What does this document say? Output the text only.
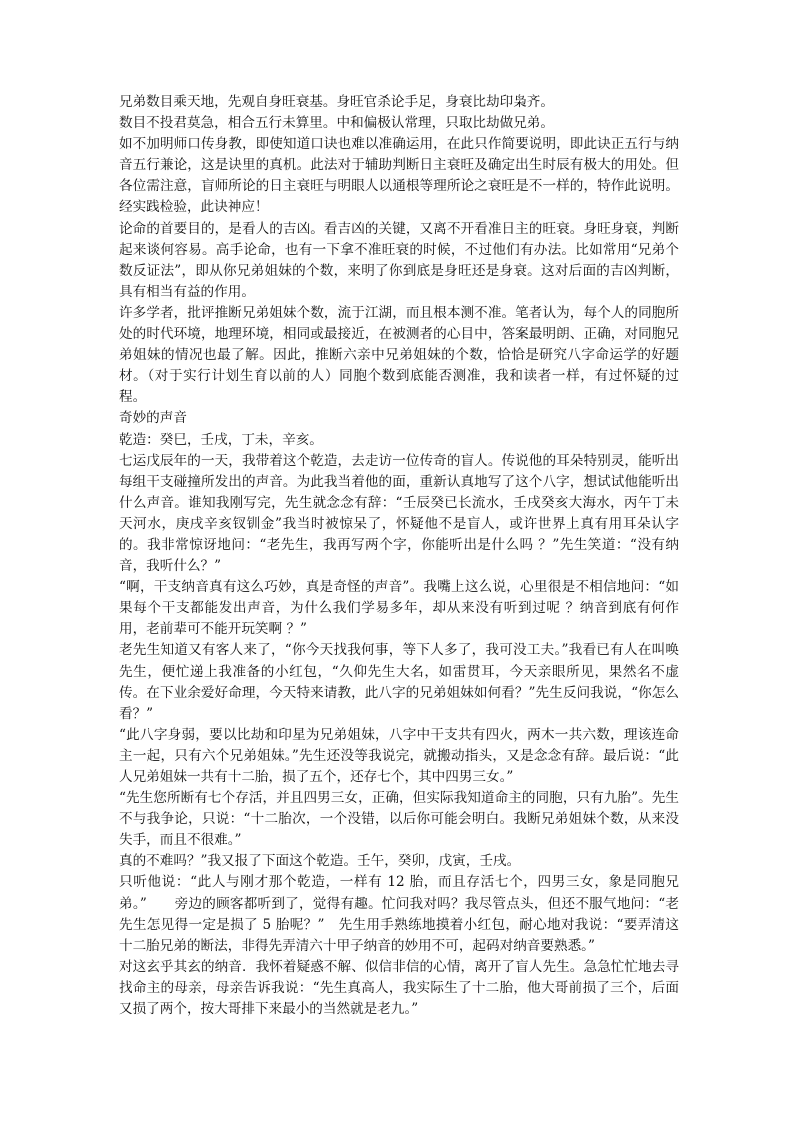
兄弟数目乘天地，先观自身旺衰基。身旺官杀论手足，身衰比劫印枭齐。

数目不投君莫急，相合五行未算里。中和偏极认常理，只取比劫做兄弟。

如不加明师口传身教，即使知道口诀也难以准确运用，在此只作简要说明，即此诀正五行与纳音五行兼论，这是诀里的真机。此法对于辅助判断日主衰旺及确定出生时辰有极大的用处。但各位需注意，盲师所论的日主衰旺与明眼人以通根等理所论之衰旺是不一样的，特作此说明。经实践检验，此诀神应！

论命的首要目的，是看人的吉凶。看吉凶的关键，又离不开看准日主的旺衰。身旺身衰，判断起来谈何容易。高手论命，也有一下拿不准旺衰的时候，不过他们有办法。比如常用“兄弟个数反证法”，即从你兄弟姐妹的个数，来明了你到底是身旺还是身衰。这对后面的吉凶判断，具有相当有益的作用。

许多学者，批评推断兄弟姐妹个数，流于江湖，而且根本测不准。笔者认为，每个人的同胞所处的时代环境，地理环境，相同或最接近，在被测者的心目中，答案最明朗、正确，对同胞兄弟姐妹的情况也最了解。因此，推断六亲中兄弟姐妹的个数，恰恰是研究八字命运学的好题材。（对于实行计划生育以前的人）同胞个数到底能否测准，我和读者一样，有过怀疑的过程。

奇妙的声音

乾造：癸巳，壬戌，丁未，辛亥。

七运戊辰年的一天，我带着这个乾造，去走访一位传奇的盲人。传说他的耳朵特别灵，能听出每组干支碰撞所发出的声音。为此我当着他的面，重新认真地写了这个八字，想试试他能听出什么声音。谁知我刚写完，先生就念念有辞：“壬辰癸已长流水，壬戌癸亥大海水，丙午丁未天河水，庚戌辛亥钗钏金”我当时被惊呆了，怀疑他不是盲人，或许世界上真有用耳朵认字的。我非常惊讶地问：“老先生，我再写两个字，你能听出是什么吗 ？”先生笑道：“没有纳音，我听什么？”

“啊，干支纳音真有这么巧妙，真是奇怪的声音”。我嘴上这么说，心里很是不相信地问：“如果每个干支都能发出声音，为什么我们学易多年，却从来没有听到过呢 ？纳音到底有何作用，老前辈可不能开玩笑啊 ？”

老先生知道又有客人来了，“你今天找我何事，等下人多了，我可没工夫。”我看已有人在叫唤先生，便忙递上我准备的小红包，“久仰先生大名，如雷贯耳，今天亲眼所见，果然名不虚传。在下业余爱好命理，今天特来请教，此八字的兄弟姐妹如何看？”先生反问我说，“你怎么看？”

“此八字身弱，要以比劫和印星为兄弟姐妹，八字中干支共有四火，两木一共六数，理该连命主一起，只有六个兄弟姐妹。”先生还没等我说完，就搬动指头，又是念念有辞。最后说：“此人兄弟姐妹一共有十二胎，损了五个，还存七个，其中四男三女。”

“先生您所断有七个存活，并且四男三女，正确，但实际我知道命主的同胞，只有九胎”。先生不与我争论，只说：“十二胎次，一个没错，以后你可能会明白。我断兄弟姐妹个数，从来没失手，而且不很难。”

真的不难吗？”我又报了下面这个乾造。壬午，癸卯，戊寅，壬戌。

只听他说：“此人与刚才那个乾造，一样有 12 胎，而且存活七个，四男三女，象是同胞兄弟。”　　旁边的顾客都听到了，觉得有趣。忙问我对吗？我尽管点头，但还不服气地问：“老先生怎见得一定是损了 5 胎呢？”　先生用手熟练地摸着小红包，耐心地对我说：“要弄清这十二胎兄弟的断法，非得先弄清六十甲子纳音的妙用不可，起码对纳音要熟悉。”

对这玄乎其玄的纳音．我怀着疑惑不解、似信非信的心情，离开了盲人先生。急急忙忙地去寻找命主的母亲，母亲告诉我说：“先生真高人，我实际生了十二胎，他大哥前损了三个，后面又损了两个，按大哥排下来最小的当然就是老九。”
